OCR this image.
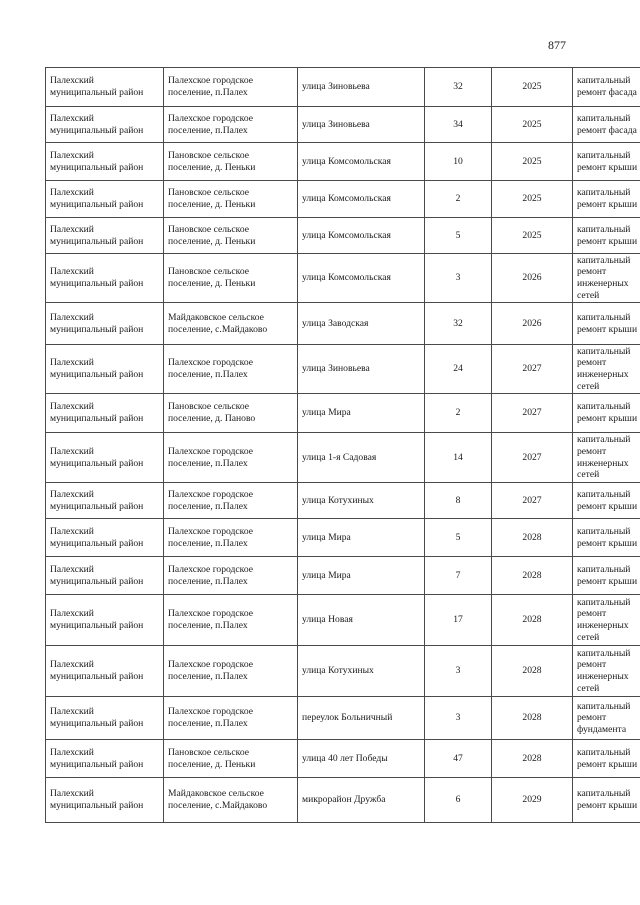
877
Палехский муниципальный район	Палехское городское поселение, п.Палех	улица Зиновьева	32	2025	капитальный ремонт фасада
Палехский муниципальный район	Палехское городское поселение, п.Палех	улица Зиновьева	34	2025	капитальный ремонт фасада
Палехский муниципальный район	Пановское сельское поселение, д. Пеньки	улица Комсомольская	10	2025	капитальный ремонт крыши
Палехский муниципальный район	Пановское сельское поселение, д. Пеньки	улица Комсомольская	2	2025	капитальный ремонт крыши
Палехский муниципальный район	Пановское сельское поселение, д. Пеньки	улица Комсомольская	5	2025	капитальный ремонт крыши
Палехский муниципальный район	Пановское сельское поселение, д. Пеньки	улица Комсомольская	3	2026	капитальный ремонт инженерных сетей
Палехский муниципальный район	Майдаковское сельское поселение, с.Майдаково	улица Заводская	32	2026	капитальный ремонт крыши
Палехский муниципальный район	Палехское городское поселение, п.Палех	улица Зиновьева	24	2027	капитальный ремонт инженерных сетей
Палехский муниципальный район	Пановское сельское поселение, д. Паново	улица Мира	2	2027	капитальный ремонт крыши
Палехский муниципальный район	Палехское городское поселение, п.Палех	улица 1-я Садовая	14	2027	капитальный ремонт инженерных сетей
Палехский муниципальный район	Палехское городское поселение, п.Палех	улица Котухиных	8	2027	капитальный ремонт крыши
Палехский муниципальный район	Палехское городское поселение, п.Палех	улица Мира	5	2028	капитальный ремонт крыши
Палехский муниципальный район	Палехское городское поселение, п.Палех	улица Мира	7	2028	капитальный ремонт крыши
Палехский муниципальный район	Палехское городское поселение, п.Палех	улица Новая	17	2028	капитальный ремонт инженерных сетей
Палехский муниципальный район	Палехское городское поселение, п.Палех	улица Котухиных	3	2028	капитальный ремонт инженерных сетей
Палехский муниципальный район	Палехское городское поселение, п.Палех	переулок Больничный	3	2028	капитальный ремонт фундамента
Палехский муниципальный район	Пановское сельское поселение, д. Пеньки	улица 40 лет Победы	47	2028	капитальный ремонт крыши
Палехский муниципальный район	Майдаковское сельское поселение, с.Майдаково	микрорайон Дружба	6	2029	капитальный ремонт крыши
